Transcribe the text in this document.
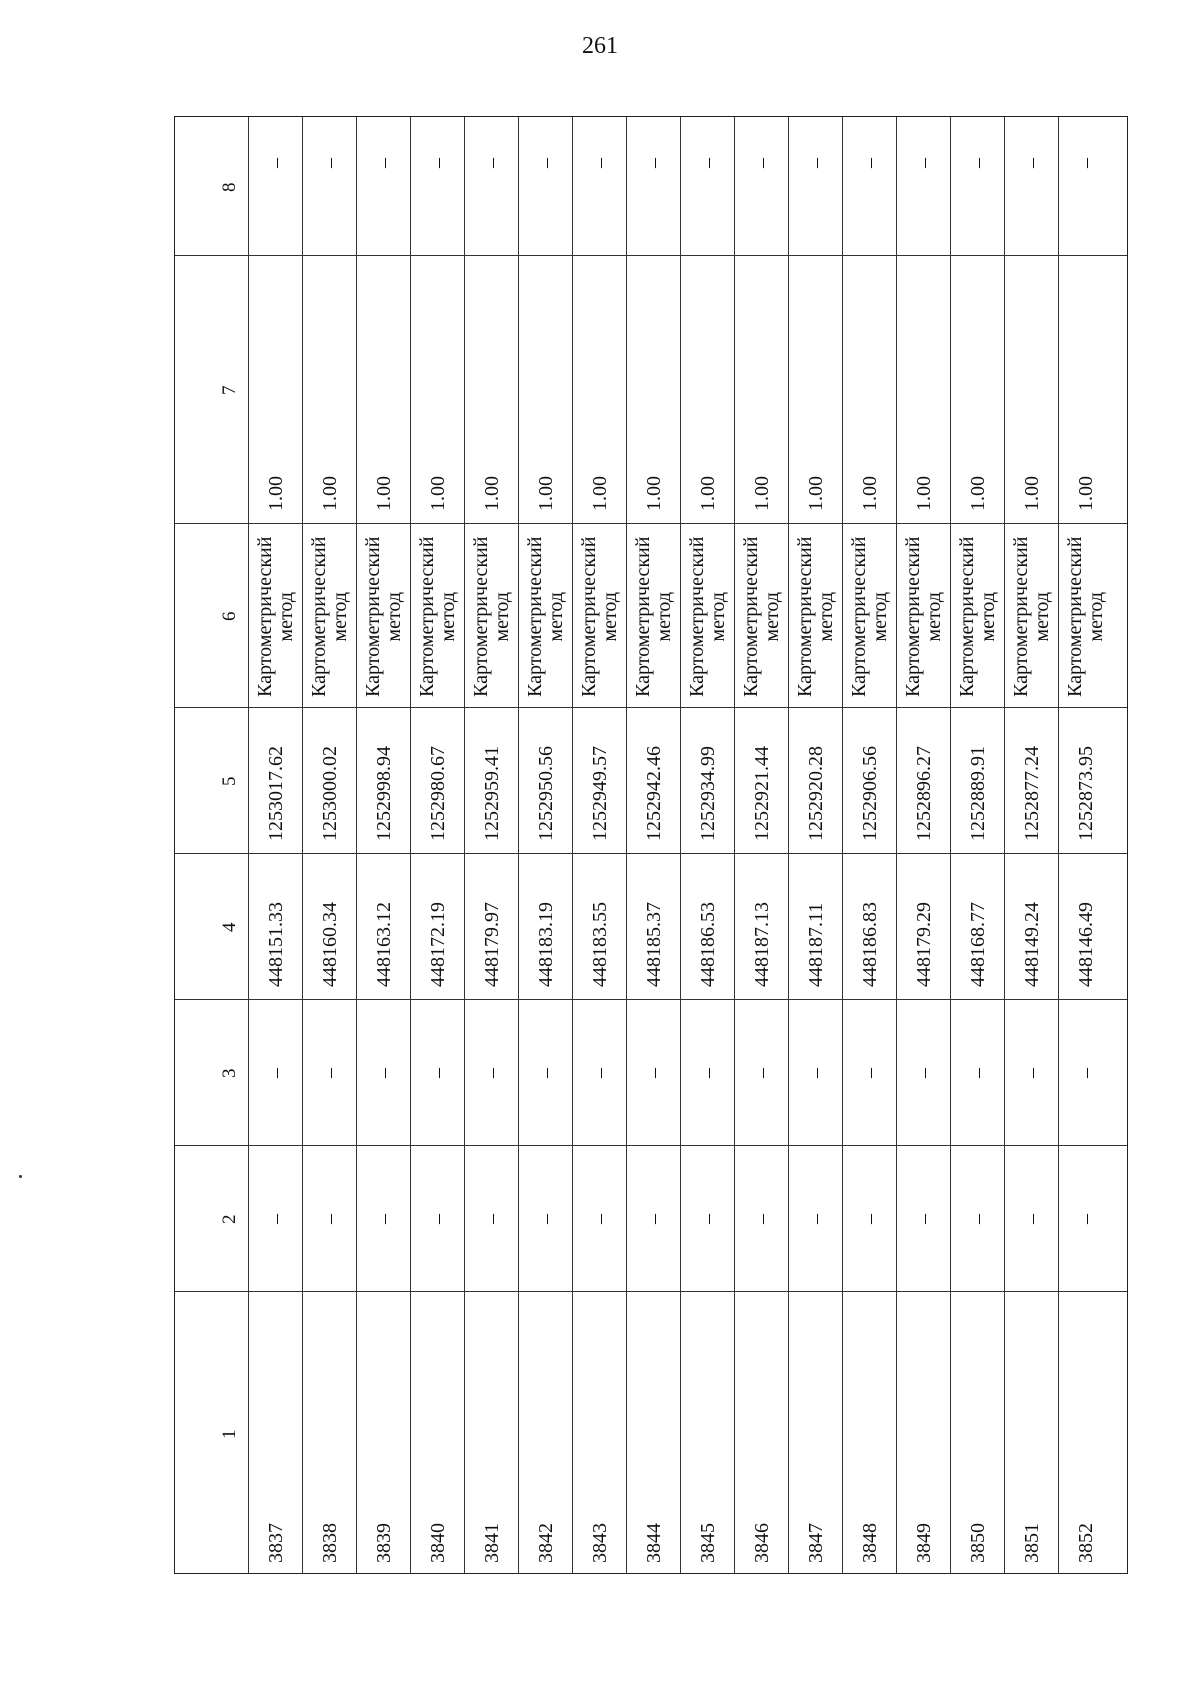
261
8
7
6
5
4
3
2
1
–
1.00
Картометрический метод
1253017.62
448151.33
–
–
3837
–
1.00
Картометрический метод
1253000.02
448160.34
–
–
3838
–
1.00
Картометрический метод
1252998.94
448163.12
–
–
3839
–
1.00
Картометрический метод
1252980.67
448172.19
–
–
3840
–
1.00
Картометрический метод
1252959.41
448179.97
–
–
3841
–
1.00
Картометрический метод
1252950.56
448183.19
–
–
3842
–
1.00
Картометрический метод
1252949.57
448183.55
–
–
3843
–
1.00
Картометрический метод
1252942.46
448185.37
–
–
3844
–
1.00
Картометрический метод
1252934.99
448186.53
–
–
3845
–
1.00
Картометрический метод
1252921.44
448187.13
–
–
3846
–
1.00
Картометрический метод
1252920.28
448187.11
–
–
3847
–
1.00
Картометрический метод
1252906.56
448186.83
–
–
3848
–
1.00
Картометрический метод
1252896.27
448179.29
–
–
3849
–
1.00
Картометрический метод
1252889.91
448168.77
–
–
3850
–
1.00
Картометрический метод
1252877.24
448149.24
–
–
3851
–
1.00
Картометрический метод
1252873.95
448146.49
–
–
3852
